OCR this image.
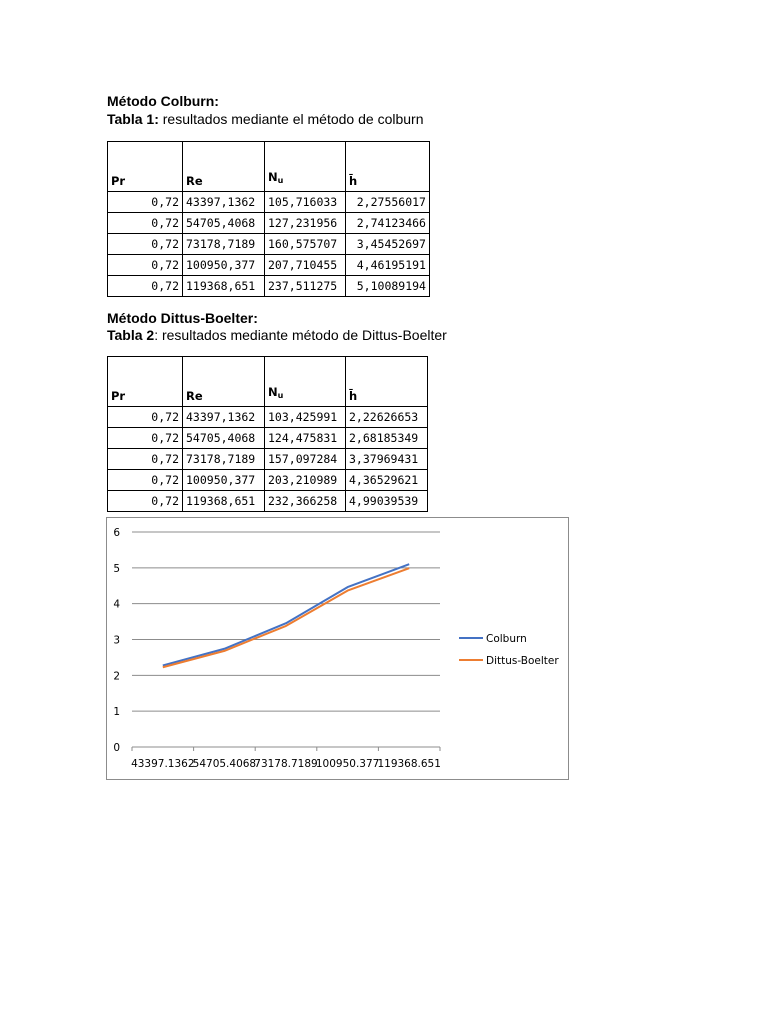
Método Colburn:
Tabla 1: resultados mediante el método de colburn
Pr	Re	$N_u$	h̄
0,72	43397,1362	105,716033	2,27556017
0,72	54705,4068	127,231956	2,74123466
0,72	73178,7189	160,575707	3,45452697
0,72	100950,377	207,710455	4,46195191
0,72	119368,651	237,511275	5,10089194
Método Dittus-Boelter:
Tabla 2: resultados mediante método de Dittus-Boelter
Pr	Re	$N_u$	h̄
0,72	43397,1362	103,425991	2,22626653
0,72	54705,4068	124,475831	2,68185349
0,72	73178,7189	157,097284	3,37969431
0,72	100950,377	203,210989	4,36529621
0,72	119368,651	232,366258	4,99039539
0
1
2
3
4
5
6
43397.1362
54705.4068
73178.7189
100950.377
119368.651
Colburn
Dittus-Boelter
